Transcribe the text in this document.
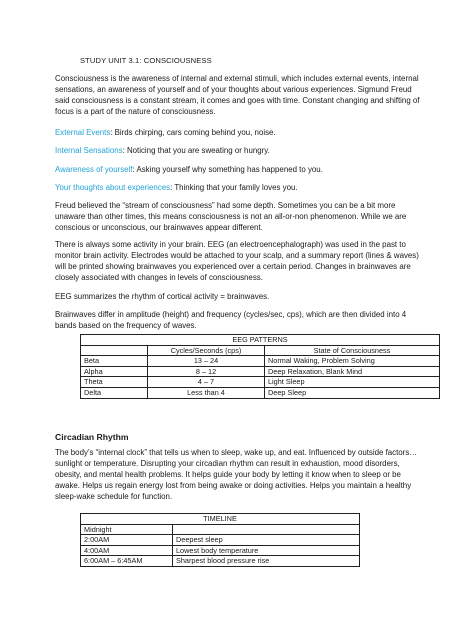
STUDY UNIT 3.1: CONSCIOUSNESS

Consciousness is the awareness of internal and external stimuli, which includes external events, internal sensations, an awareness of yourself and of your thoughts about various experiences. Sigmund Freud said consciousness is a constant stream, it comes and goes with time. Constant changing and shifting of focus is a part of the nature of consciousness.

External Events: Birds chirping, cars coming behind you, noise.

Internal Sensations: Noticing that you are sweating or hungry.

Awareness of yourself: Asking yourself why something has happened to you.

Your thoughts about experiences: Thinking that your family loves you.

Freud believed the “stream of consciousness” had some depth. Sometimes you can be a bit more unaware than other times, this means consciousness is not an all-or-non phenomenon. While we are conscious or unconscious, our brainwaves appear different.

There is always some activity in your brain. EEG (an electroencephalograph) was used in the past to monitor brain activity. Electrodes would be attached to your scalp, and a summary report (lines & waves) will be printed showing brainwaves you experienced over a certain period. Changes in brainwaves are closely associated with changes in levels of consciousness.

EEG summarizes the rhythm of cortical activity = brainwaves.

Brainwaves differ in amplitude (height) and frequency (cycles/sec, cps), which are then divided into 4 bands based on the frequency of waves.

EEG PATTERNS		
	Cycles/Seconds (cps)	State of Consciousness
Beta	13 – 24	Normal Waking, Problem Solving
Alpha	8 – 12	Deep Relaxation, Blank Mind
Theta	4 – 7	Light Sleep
Delta	Less than 4	Deep Sleep
Circadian Rhythm

The body’s “internal clock” that tells us when to sleep, wake up, and eat. Influenced by outside factors… sunlight or temperature. Disrupting your circadian rhythm can result in exhaustion, mood disorders, obesity, and mental health problems. It helps guide your body by letting it know when to sleep or be awake. Helps us regain energy lost from being awake or doing activities. Helps you maintain a healthy sleep-wake schedule for function.

TIMELINE	
Midnight	
2:00AM	Deepest sleep
4:00AM	Lowest body temperature
6:00AM – 6:45AM	Sharpest blood pressure rise
